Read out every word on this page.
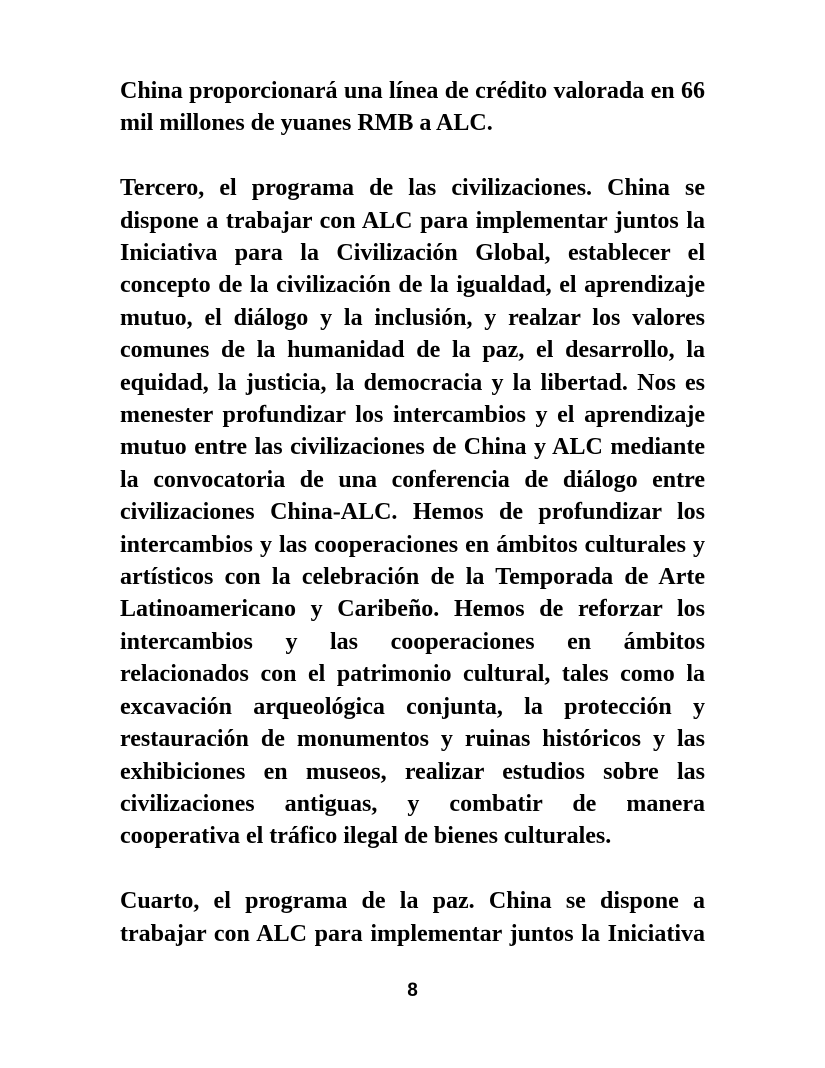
China proporcionará una línea de crédito valorada en 66 mil millones de yuanes RMB a ALC.

Tercero, el programa de las civilizaciones. China se dispone a trabajar con ALC para implementar juntos la Iniciativa para la Civilización Global, establecer el concepto de la civilización de la igualdad, el aprendizaje mutuo, el diálogo y la inclusión, y realzar los valores comunes de la humanidad de la paz, el desarrollo, la equidad, la justicia, la democracia y la libertad. Nos es menester profundizar los intercambios y el aprendizaje mutuo entre las civilizaciones de China y ALC mediante la convocatoria de una conferencia de diálogo entre civilizaciones China-ALC. Hemos de profundizar los intercambios y las cooperaciones en ámbitos culturales y artísticos con la celebración de la Temporada de Arte Latinoamericano y Caribeño. Hemos de reforzar los intercambios y las cooperaciones en ámbitos relacionados con el patrimonio cultural, tales como la excavación arqueológica conjunta, la protección y restauración de monumentos y ruinas históricos y las exhibiciones en museos, realizar estudios sobre las civilizaciones antiguas, y combatir de manera cooperativa el tráfico ilegal de bienes culturales.

Cuarto, el programa de la paz. China se dispone a trabajar con ALC para implementar juntos la Iniciativa

8
